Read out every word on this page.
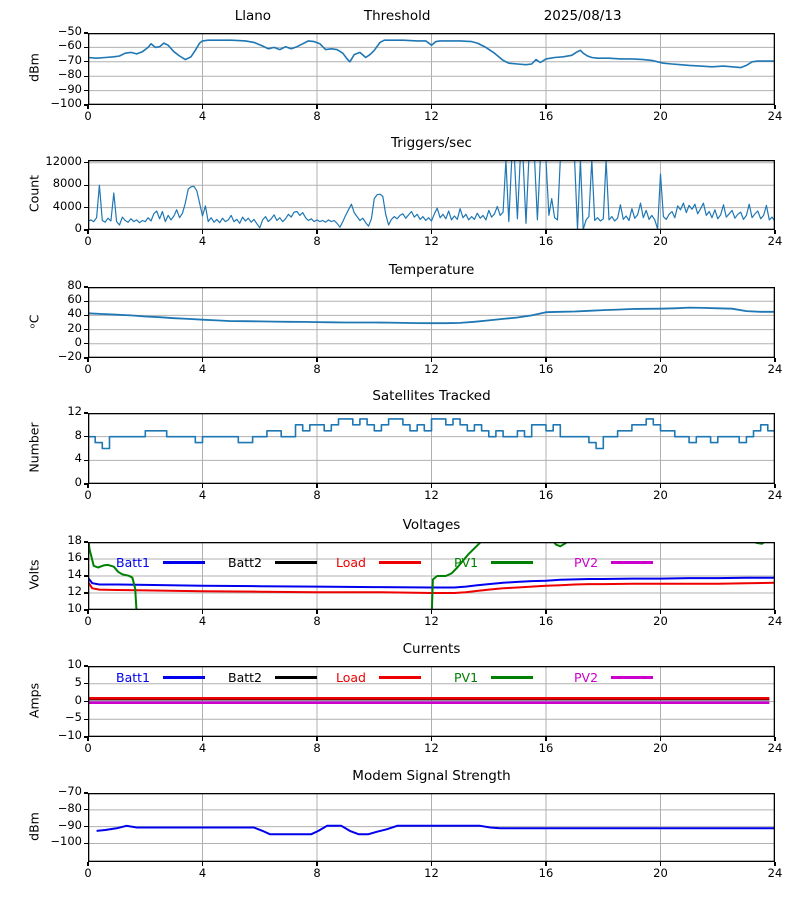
Llano	Threshold	2025/08/13
dBm
0	4	8	12	16	20	24
−50
−60
−70
−80
−90
−100
Triggers/sec
Count
0	4	8	12	16	20	24
12000
8000
4000
0
Temperature
ᵒC
0	4	8	12	16	20	24
80
60
40
20
0
−20
Satellites Tracked
Number
0	4	8	12	16	20	24
12
8
4
0
Voltages
Volts
0	4	8	12	16	20	24
18
16
14
12
10
Batt1	Batt2	Load	PV1	PV2
Currents
Amps
0	4	8	12	16	20	24
10
5
0
−5
−10
Batt1	Batt2	Load	PV1	PV2
Modem Signal Strength
dBm
0	4	8	12	16	20	24
−70
−80
−90
−100
